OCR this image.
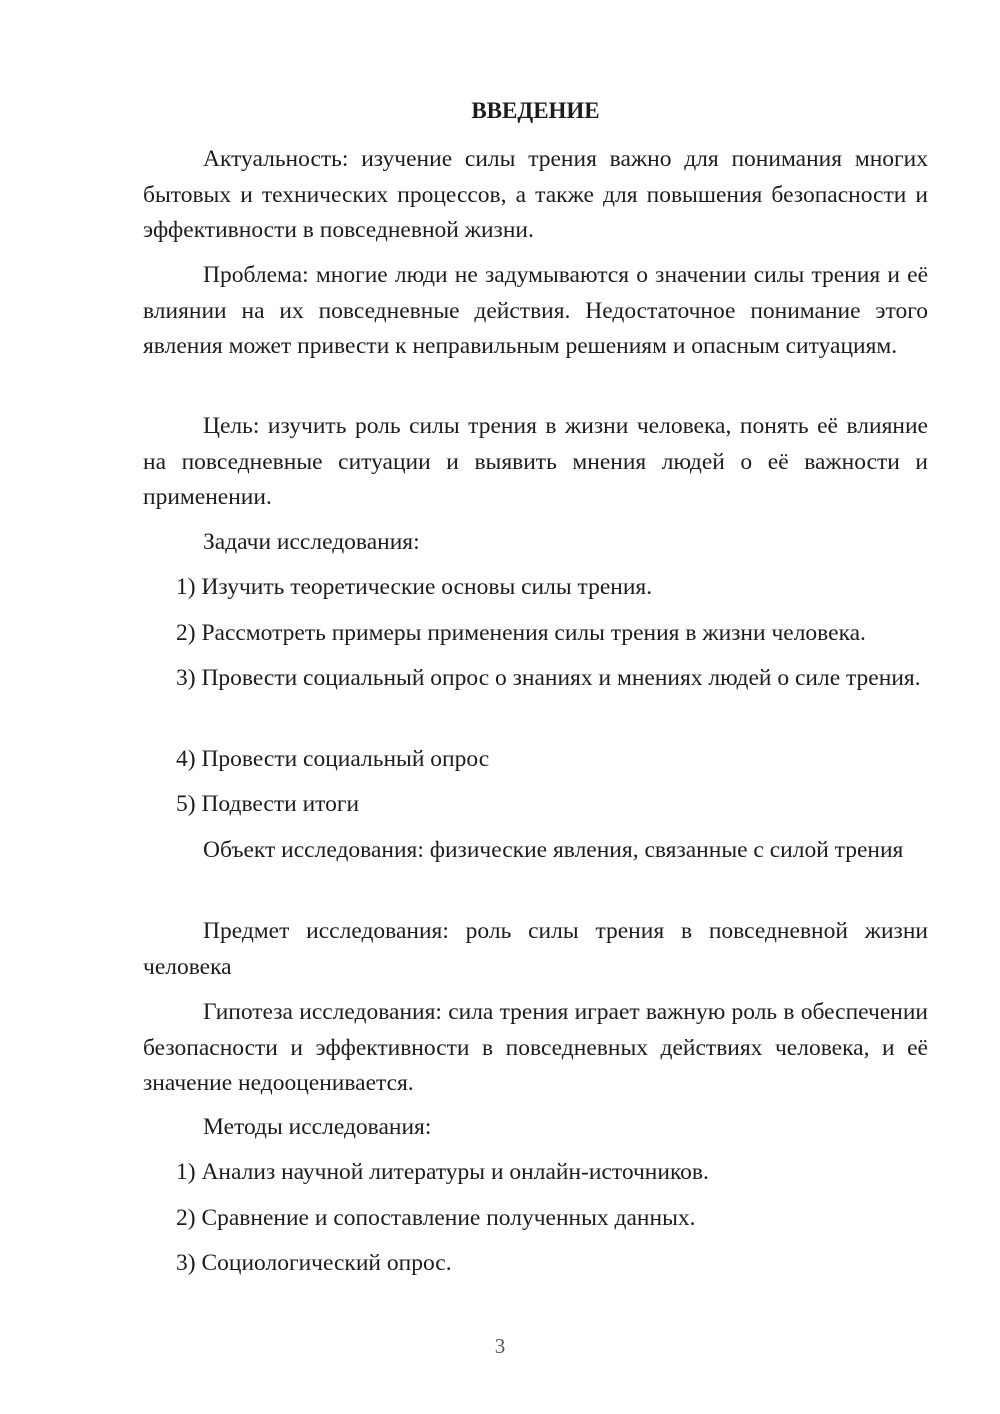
ВВЕДЕНИЕ

Актуальность: изучение силы трения важно для понимания многих бытовых и технических процессов, а также для повышения безопасности и эффективности в повседневной жизни.

Проблема: многие люди не задумываются о значении силы трения и её влиянии на их повседневные действия. Недостаточное понимание этого явления может привести к неправильным решениям и опасным ситуациям.

Цель: изучить роль силы трения в жизни человека, понять её влияние на повседневные ситуации и выявить мнения людей о её важности и применении.

Задачи исследования:

1) Изучить теоретические основы силы трения.

2) Рассмотреть примеры применения силы трения в жизни человека.

3) Провести социальный опрос о знаниях и мнениях людей о силе трения.

4) Провести социальный опрос

5) Подвести итоги

Объект исследования: физические явления, связанные с силой трения

Предмет исследования: роль силы трения в повседневной жизни человека

Гипотеза исследования: сила трения играет важную роль в обеспечении безопасности и эффективности в повседневных действиях человека, и её значение недооценивается.

Методы исследования:

1) Анализ научной литературы и онлайн-источников.

2) Сравнение и сопоставление полученных данных.

3) Социологический опрос.

3
